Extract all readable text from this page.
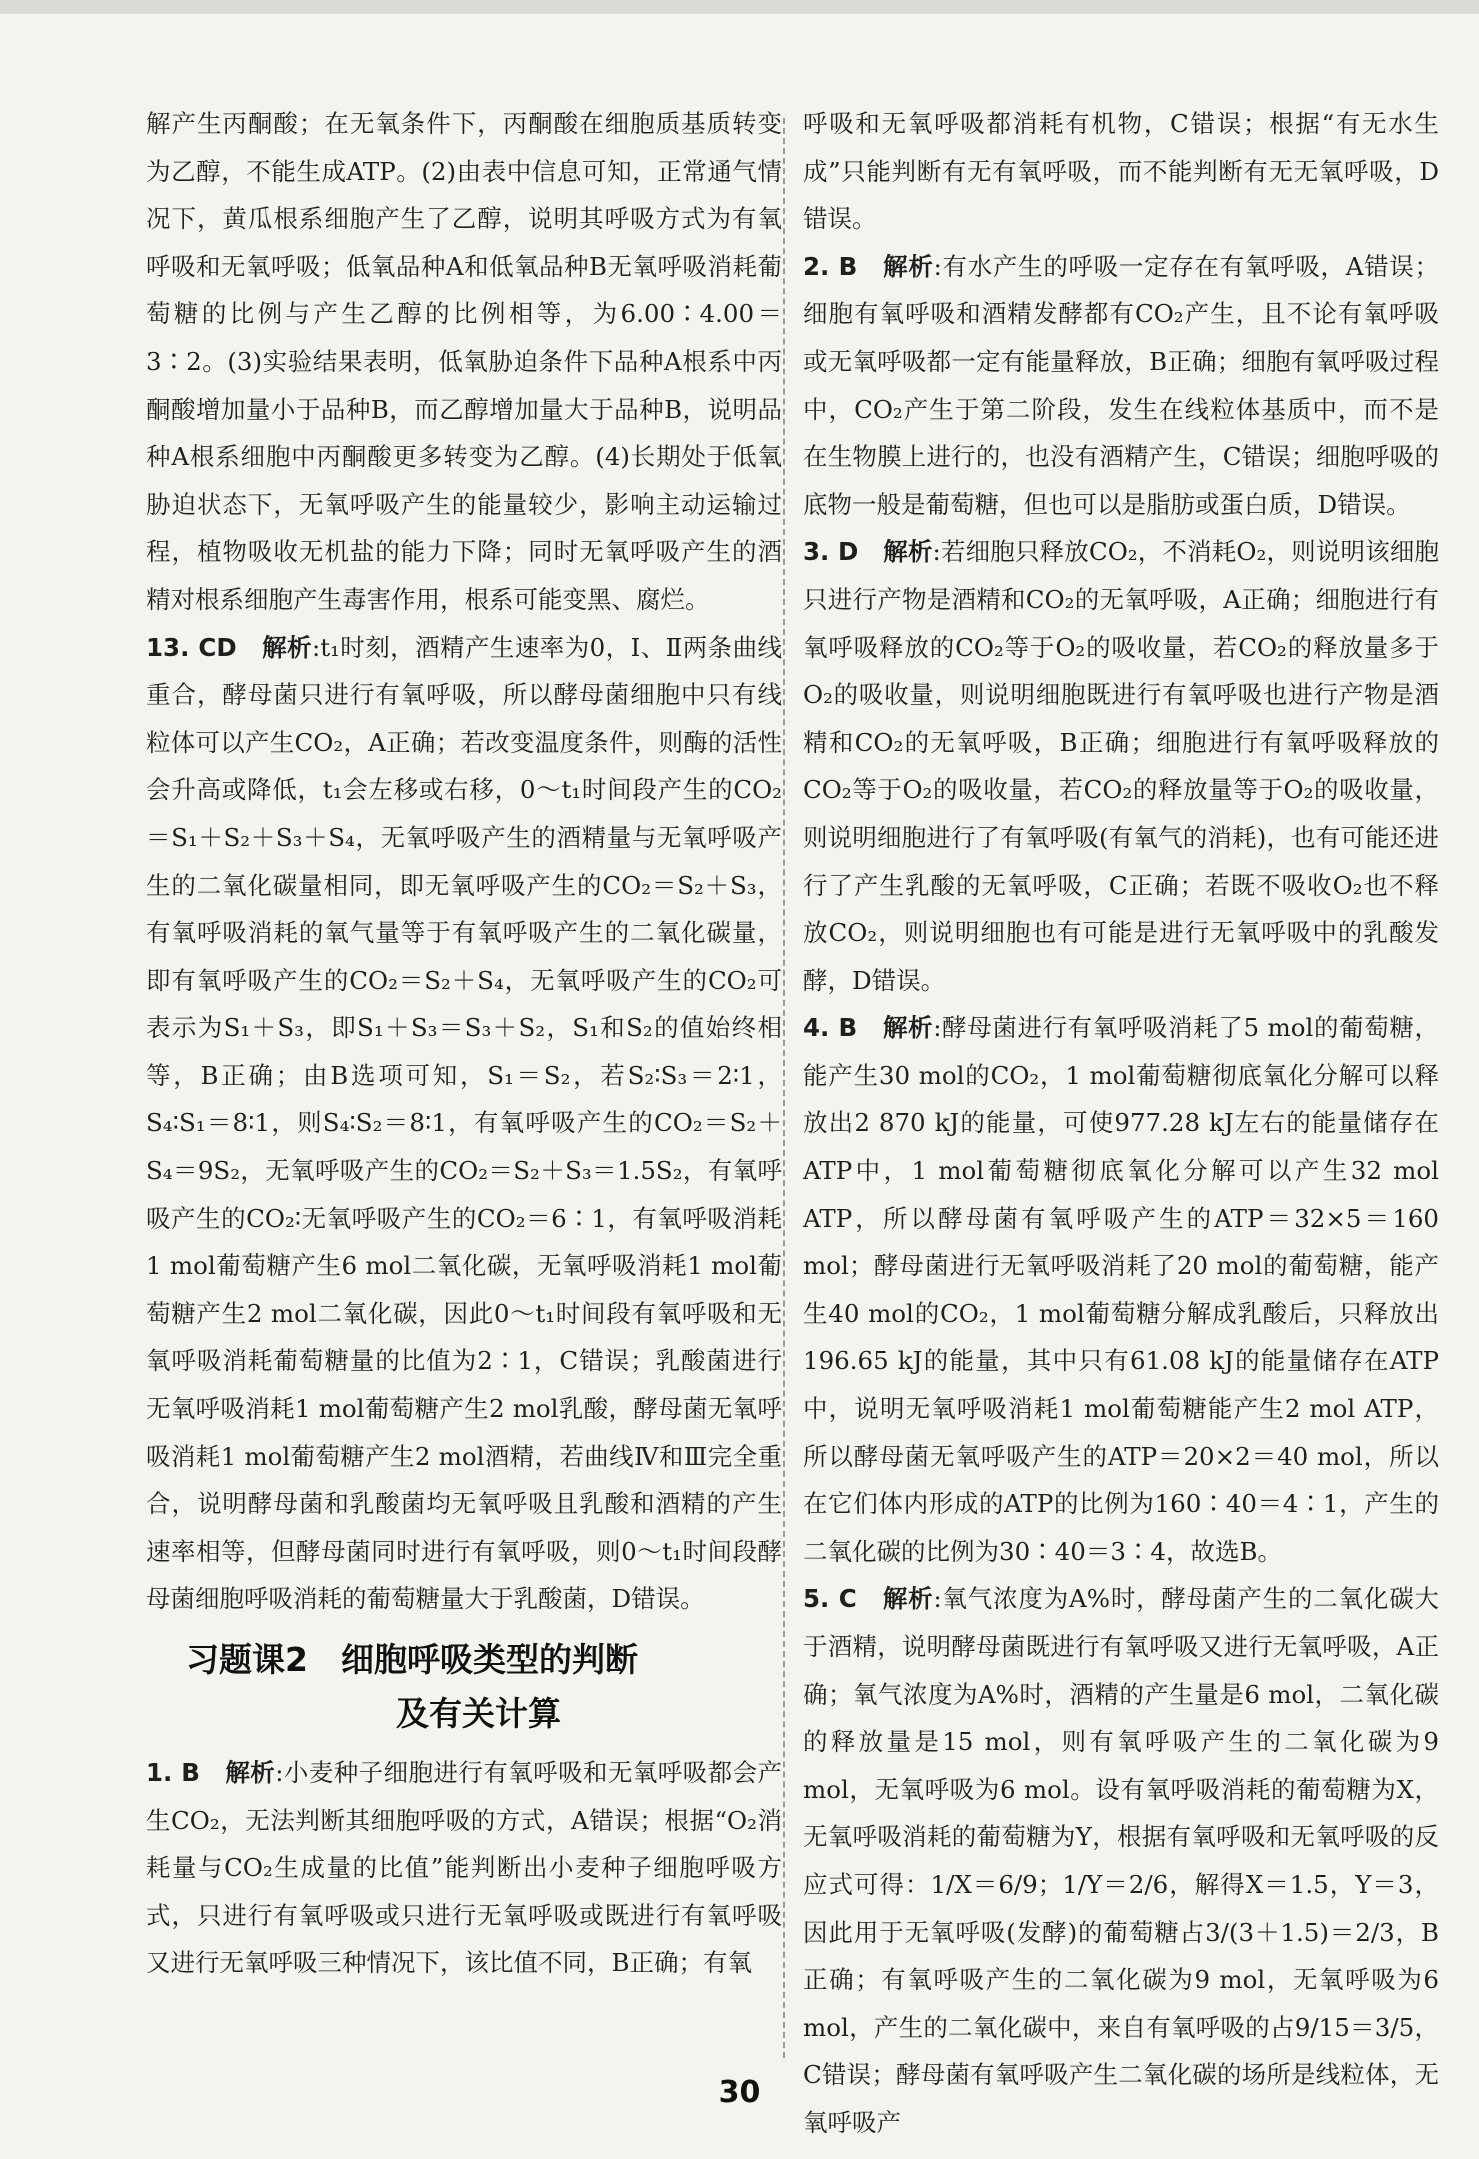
解产生丙酮酸；在无氧条件下，丙酮酸在细胞质基质转变为乙醇，不能生成ATP。(2)由表中信息可知，正常通气情况下，黄瓜根系细胞产生了乙醇，说明其呼吸方式为有氧呼吸和无氧呼吸；低氧品种A和低氧品种B无氧呼吸消耗葡萄糖的比例与产生乙醇的比例相等，为6.00∶4.00＝3∶2。(3)实验结果表明，低氧胁迫条件下品种A根系中丙酮酸增加量小于品种B，而乙醇增加量大于品种B，说明品种A根系细胞中丙酮酸更多转变为乙醇。(4)长期处于低氧胁迫状态下，无氧呼吸产生的能量较少，影响主动运输过程，植物吸收无机盐的能力下降；同时无氧呼吸产生的酒精对根系细胞产生毒害作用，根系可能变黑、腐烂。

13. CD　 解析:t₁时刻，酒精产生速率为0，Ⅰ、Ⅱ两条曲线重合，酵母菌只进行有氧呼吸，所以酵母菌细胞中只有线粒体可以产生CO₂，A正确；若改变温度条件，则酶的活性会升高或降低，t₁会左移或右移，0～t₁时间段产生的CO₂＝S₁＋S₂＋S₃＋S₄，无氧呼吸产生的酒精量与无氧呼吸产生的二氧化碳量相同，即无氧呼吸产生的CO₂＝S₂＋S₃，有氧呼吸消耗的氧气量等于有氧呼吸产生的二氧化碳量，即有氧呼吸产生的CO₂＝S₂＋S₄，无氧呼吸产生的CO₂可表示为S₁＋S₃，即S₁＋S₃＝S₃＋S₂，S₁和S₂的值始终相等，B正确；由B选项可知，S₁＝S₂，若S₂∶S₃＝2∶1，S₄∶S₁＝8∶1，则S₄∶S₂＝8∶1，有氧呼吸产生的CO₂＝S₂＋S₄＝9S₂，无氧呼吸产生的CO₂＝S₂＋S₃＝1.5S₂，有氧呼吸产生的CO₂∶无氧呼吸产生的CO₂＝6∶1，有氧呼吸消耗1 mol葡萄糖产生6 mol二氧化碳，无氧呼吸消耗1 mol葡萄糖产生2 mol二氧化碳，因此0～t₁时间段有氧呼吸和无氧呼吸消耗葡萄糖量的比值为2∶1，C错误；乳酸菌进行无氧呼吸消耗1 mol葡萄糖产生2 mol乳酸，酵母菌无氧呼吸消耗1 mol葡萄糖产生2 mol酒精，若曲线Ⅳ和Ⅲ完全重合，说明酵母菌和乳酸菌均无氧呼吸且乳酸和酒精的产生速率相等，但酵母菌同时进行有氧呼吸，则0～t₁时间段酵母菌细胞呼吸消耗的葡萄糖量大于乳酸菌，D错误。

习题课2　细胞呼吸类型的判断
及有关计算

1. B　 解析:小麦种子细胞进行有氧呼吸和无氧呼吸都会产生CO₂，无法判断其细胞呼吸的方式，A错误；根据“O₂消耗量与CO₂生成量的比值”能判断出小麦种子细胞呼吸方式，只进行有氧呼吸或只进行无氧呼吸或既进行有氧呼吸又进行无氧呼吸三种情况下，该比值不同，B正确；有氧

呼吸和无氧呼吸都消耗有机物，C错误；根据“有无水生成”只能判断有无有氧呼吸，而不能判断有无无氧呼吸，D错误。

2. B　 解析:有水产生的呼吸一定存在有氧呼吸，A错误；细胞有氧呼吸和酒精发酵都有CO₂产生，且不论有氧呼吸或无氧呼吸都一定有能量释放，B正确；细胞有氧呼吸过程中，CO₂产生于第二阶段，发生在线粒体基质中，而不是在生物膜上进行的，也没有酒精产生，C错误；细胞呼吸的底物一般是葡萄糖，但也可以是脂肪或蛋白质，D错误。

3. D　 解析:若细胞只释放CO₂，不消耗O₂，则说明该细胞只进行产物是酒精和CO₂的无氧呼吸，A正确；细胞进行有氧呼吸释放的CO₂等于O₂的吸收量，若CO₂的释放量多于O₂的吸收量，则说明细胞既进行有氧呼吸也进行产物是酒精和CO₂的无氧呼吸，B正确；细胞进行有氧呼吸释放的CO₂等于O₂的吸收量，若CO₂的释放量等于O₂的吸收量，则说明细胞进行了有氧呼吸(有氧气的消耗)，也有可能还进行了产生乳酸的无氧呼吸，C正确；若既不吸收O₂也不释放CO₂，则说明细胞也有可能是进行无氧呼吸中的乳酸发酵，D错误。

4. B　 解析:酵母菌进行有氧呼吸消耗了5 mol的葡萄糖，能产生30 mol的CO₂，1 mol葡萄糖彻底氧化分解可以释放出2 870 kJ的能量，可使977.28 kJ左右的能量储存在ATP中，1 mol葡萄糖彻底氧化分解可以产生32 mol ATP，所以酵母菌有氧呼吸产生的ATP＝32×5＝160 mol；酵母菌进行无氧呼吸消耗了20 mol的葡萄糖，能产生40 mol的CO₂，1 mol葡萄糖分解成乳酸后，只释放出196.65 kJ的能量，其中只有61.08 kJ的能量储存在ATP中，说明无氧呼吸消耗1 mol葡萄糖能产生2 mol ATP，所以酵母菌无氧呼吸产生的ATP＝20×2＝40 mol，所以在它们体内形成的ATP的比例为160∶40＝4∶1，产生的二氧化碳的比例为30∶40＝3∶4，故选B。

5. C　 解析:氧气浓度为A%时，酵母菌产生的二氧化碳大于酒精，说明酵母菌既进行有氧呼吸又进行无氧呼吸，A正确；氧气浓度为A%时，酒精的产生量是6 mol，二氧化碳的释放量是15 mol，则有氧呼吸产生的二氧化碳为9 mol，无氧呼吸为6 mol。设有氧呼吸消耗的葡萄糖为X，无氧呼吸消耗的葡萄糖为Y，根据有氧呼吸和无氧呼吸的反应式可得：1/X＝6/9；1/Y＝2/6，解得X＝1.5，Y＝3，因此用于无氧呼吸(发酵)的葡萄糖占3/(3＋1.5)＝2/3，B正确；有氧呼吸产生的二氧化碳为9 mol，无氧呼吸为6 mol，产生的二氧化碳中，来自有氧呼吸的占9/15＝3/5，C错误；酵母菌有氧呼吸产生二氧化碳的场所是线粒体，无氧呼吸产

30
